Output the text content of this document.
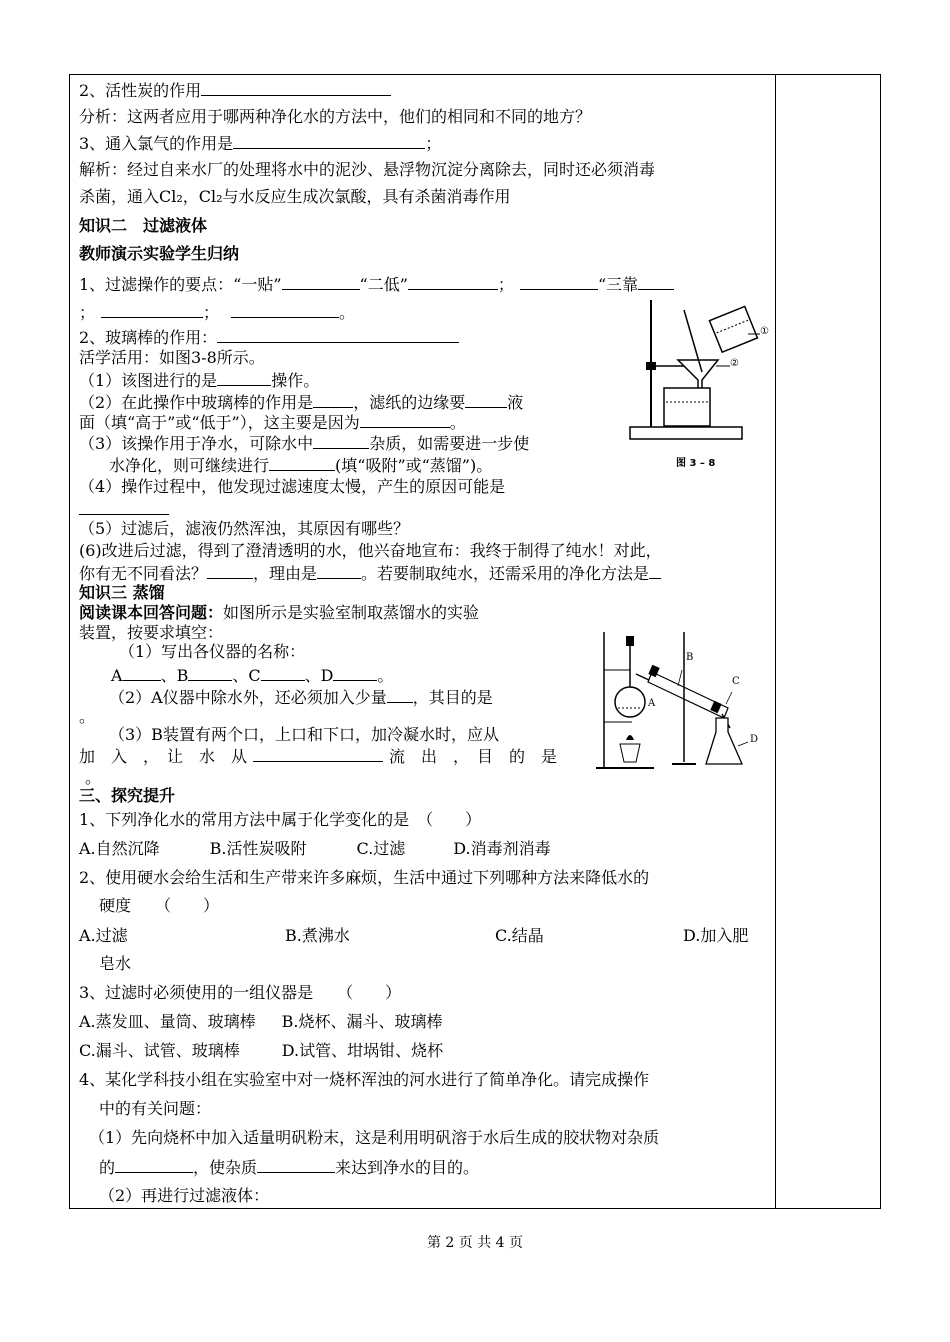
2、活性炭的作用
分析：这两者应用于哪两种净化水的方法中，他们的相同和不同的地方？
3、通入氯气的作用是	；
解析：经过自来水厂的处理将水中的泥沙、悬浮物沉淀分离除去，同时还必须消毒
杀菌，通入Cl₂，Cl₂与水反应生成次氯酸，具有杀菌消毒作用
知识二　过滤液体
教师演示实验学生归纳
1、过滤操作的要点：“一贴”	“二低”	；	“三靠
；	；	。
2、玻璃棒的作用：
活学活用：如图3-8所示。
（1）该图进行的是	操作。
（2）在此操作中玻璃棒的作用是	，滤纸的边缘要	液
面（填“高于”或“低于”），这主要是因为	。
（3）该操作用于净水，可除水中	杂质，如需要进一步使
水净化，则可继续进行	(填“吸附”或“蒸馏”)。
（4）操作过程中，他发现过滤速度太慢，产生的原因可能是
（5）过滤后，滤液仍然浑浊，其原因有哪些？
(6)改进后过滤，得到了澄清透明的水，他兴奋地宣布：我终于制得了纯水！对此，
你有无不同看法？	，理由是	。若要制取纯水，还需采用的净化方法是
知识三 蒸馏
阅读课本回答问题：如图所示是实验室制取蒸馏水的实验
装置，按要求填空：
（1）写出各仪器的名称：
A 、B	、C	、D	。
（2）A仪器中除水外，还必须加入少量 ，其目的是
。
（3）B装置有两个口，上口和下口，加冷凝水时，应从
加　入　，　让　水　从	流　出　，　目　的　是
。
三、探究提升
1、下列净化水的常用方法中属于化学变化的是　（　　）
A.自然沉降	B.活性炭吸附	C.过滤	D.消毒剂消毒
2、使用硬水会给生活和生产带来许多麻烦，生活中通过下列哪种方法来降低水的
硬度　　（　　）
A.过滤	B.煮沸水	C.结晶	D.加入肥
皂水
3、过滤时必须使用的一组仪器是　　（　　）
A.蒸发皿、量筒、玻璃棒 B.烧杯、漏斗、玻璃棒
C.漏斗、试管、玻璃棒	D.试管、坩埚钳、烧杯
4、某化学科技小组在实验室中对一烧杯浑浊的河水进行了简单净化。请完成操作
中的有关问题：
（1）先向烧杯中加入适量明矾粉末，这是利用明矾溶于水后生成的胶状物对杂质
的	，使杂质	来达到净水的目的。
（2）再进行过滤液体：
①
②
图 3 – 8
B
A
C
D
第 2 页 共 4 页
